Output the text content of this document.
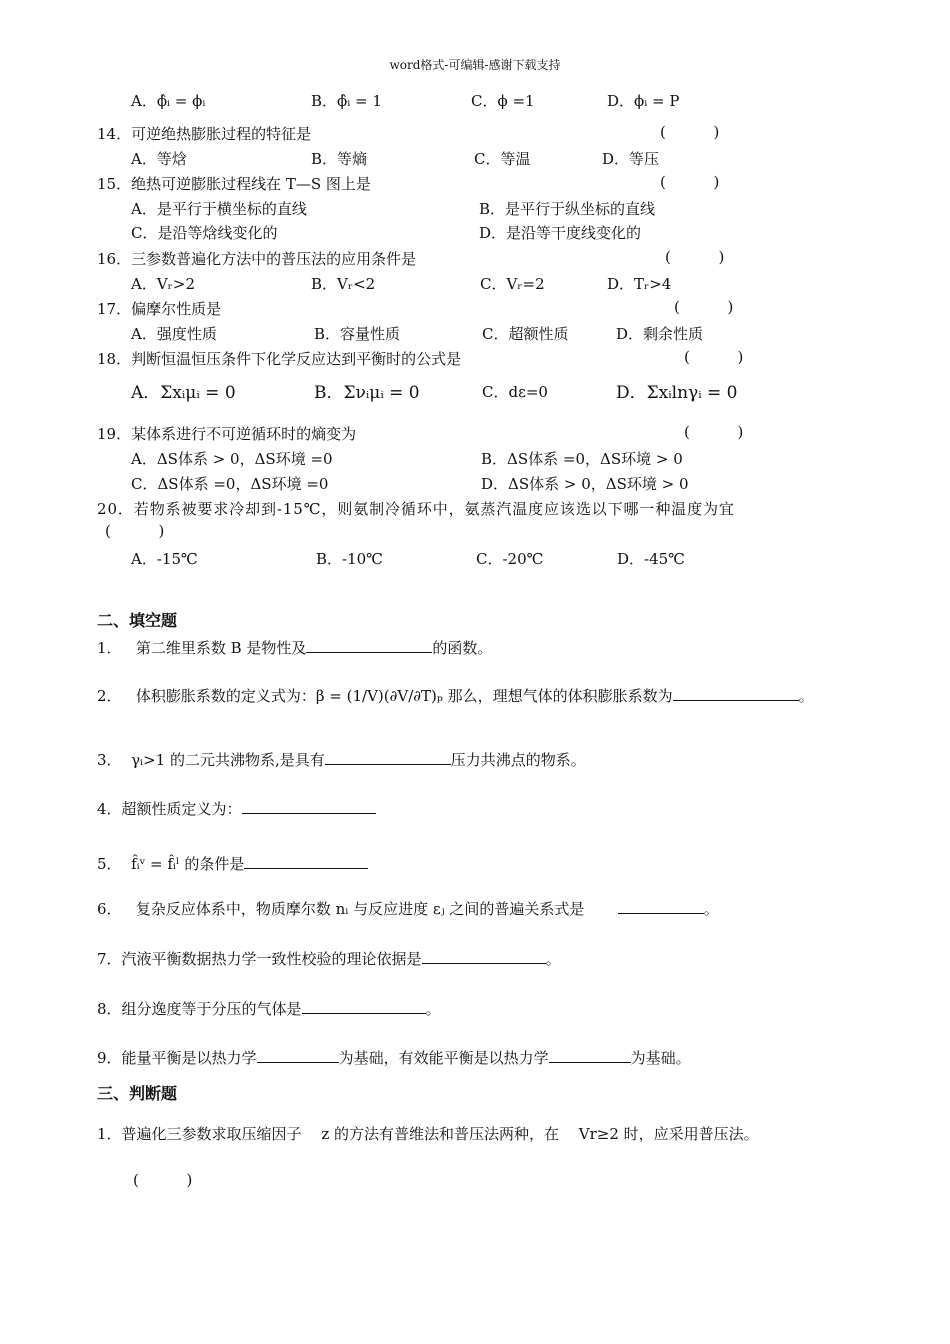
word格式-可编辑-感谢下载支持
A．ϕ̂ᵢ = ϕᵢ	B．ϕ̂ᵢ = 1	C．ϕ =1	D．ϕᵢ = P
14．可逆绝热膨胀过程的特征是	(          )
A．等焓	B．等熵	C．等温	D．等压
15．绝热可逆膨胀过程线在 T—S 图上是	(          )
A．是平行于横坐标的直线	B．是平行于纵坐标的直线
C．是沿等焓线变化的	D．是沿等干度线变化的
16．三参数普遍化方法中的普压法的应用条件是	(          )
A．Vᵣ>2	B．Vᵣ<2	C．Vᵣ=2	D．Tᵣ>4
17．偏摩尔性质是	(          )
A．强度性质	B．容量性质	C．超额性质	D．剩余性质
18．判断恒温恒压条件下化学反应达到平衡时的公式是	(          )
A．Σxᵢμᵢ = 0	B．Σνᵢμᵢ = 0	C．dε=0	D．Σxᵢlnγᵢ = 0
19．某体系进行不可逆循环时的熵变为	(          )
A．ΔS体系 > 0，ΔS环境 =0	B．ΔS体系 =0，ΔS环境 > 0
C．ΔS体系 =0，ΔS环境 =0	D．ΔS体系 > 0，ΔS环境 > 0
20．若物系被要求冷却到-15℃，则氨制冷循环中，氨蒸汽温度应该选以下哪一种温度为宜
(          )
A．-15℃	B．-10℃	C．-20℃	D．-45℃
二、填空题
1． 第二维里系数 B 是物性及	的函数。
2． 体积膨胀系数的定义式为：β = (1/V)(∂V/∂T)ₚ 那么，理想气体的体积膨胀系数为	。
3． γᵢ>1 的二元共沸物系,是具有	压力共沸点的物系。
4．超额性质定义为：
5． f̂ᵢᵛ = f̂ᵢˡ 的条件是
6． 复杂反应体系中，物质摩尔数 nᵢ 与反应进度 εⱼ 之间的普遍关系式是	。
7．汽液平衡数据热力学一致性校验的理论依据是	。
8．组分逸度等于分压的气体是	。
9．能量平衡是以热力学	为基础，有效能平衡是以热力学	为基础。
三、判断题
1．普遍化三参数求取压缩因子　 z 的方法有普维法和普压法两种，在　 Vr≥2 时，应采用普压法。
(          )
